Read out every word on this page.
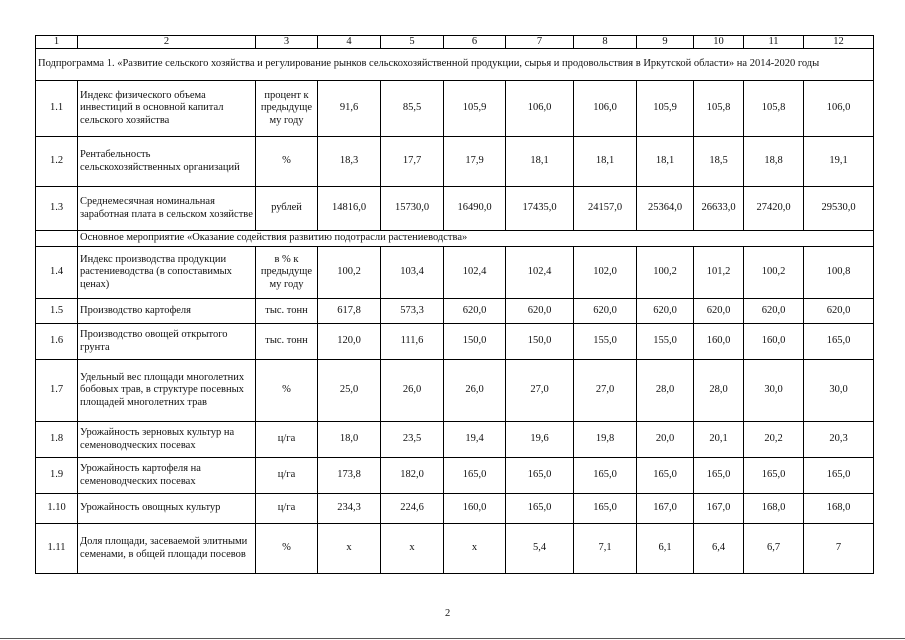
1	2	3	4	5	6	7	8	9	10	11	12
Подпрограмма 1. «Развитие сельского хозяйства и регулирование рынков сельскохозяйственной продукции, сырья и продовольствия в Иркутской области» на 2014-2020 годы											
1.1	Индекс физического объема инвестиций в основной капитал сельского хозяйства	процент к предыдуще му году	91,6	85,5	105,9	106,0	106,0	105,9	105,8	105,8	106,0
1.2	Рентабельность сельскохозяйственных организаций	%	18,3	17,7	17,9	18,1	18,1	18,1	18,5	18,8	19,1
1.3	Среднемесячная номинальная заработная плата в сельском хозяйстве	рублей	14816,0	15730,0	16490,0	17435,0	24157,0	25364,0	26633,0	27420,0	29530,0
	Основное мероприятие «Оказание содействия развитию подотрасли растениеводства»										
1.4	Индекс производства продукции растениеводства (в сопоставимых ценах)	в % к предыдуще му году	100,2	103,4	102,4	102,4	102,0	100,2	101,2	100,2	100,8
1.5	Производство картофеля	тыс. тонн	617,8	573,3	620,0	620,0	620,0	620,0	620,0	620,0	620,0
1.6	Производство овощей открытого грунта	тыс. тонн	120,0	111,6	150,0	150,0	155,0	155,0	160,0	160,0	165,0
1.7	Удельный вес площади многолетних бобовых трав, в структуре посевных площадей многолетних трав	%	25,0	26,0	26,0	27,0	27,0	28,0	28,0	30,0	30,0
1.8	Урожайность зерновых культур на семеноводческих посевах	ц/га	18,0	23,5	19,4	19,6	19,8	20,0	20,1	20,2	20,3
1.9	Урожайность картофеля на семеноводческих посевах	ц/га	173,8	182,0	165,0	165,0	165,0	165,0	165,0	165,0	165,0
1.10	Урожайность овощных культур	ц/га	234,3	224,6	160,0	165,0	165,0	167,0	167,0	168,0	168,0
1.11	Доля площади, засеваемой элитными семенами, в общей площади посевов	%	x	x	x	5,4	7,1	6,1	6,4	6,7	7
2
